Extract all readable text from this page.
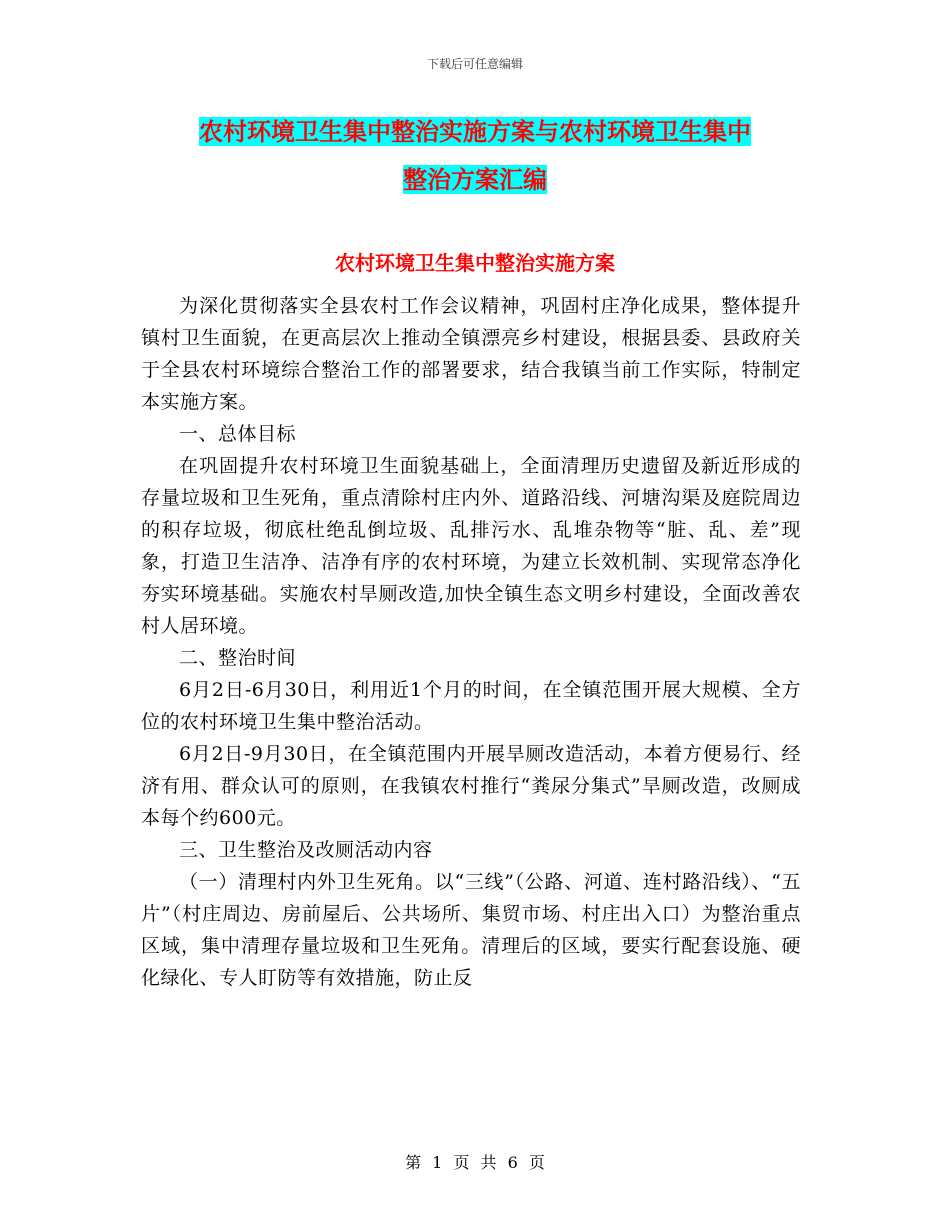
下载后可任意编辑
农村环境卫生集中整治实施方案与农村环境卫生集中
整治方案汇编
农村环境卫生集中整治实施方案

为深化贯彻落实全县农村工作会议精神，巩固村庄净化成果，整体提升镇村卫生面貌，在更高层次上推动全镇漂亮乡村建设，根据县委、县政府关于全县农村环境综合整治工作的部署要求，结合我镇当前工作实际，特制定本实施方案。

一、总体目标

在巩固提升农村环境卫生面貌基础上，全面清理历史遗留及新近形成的存量垃圾和卫生死角，重点清除村庄内外、道路沿线、河塘沟渠及庭院周边的积存垃圾，彻底杜绝乱倒垃圾、乱排污水、乱堆杂物等“脏、乱、差”现象，打造卫生洁净、洁净有序的农村环境，为建立长效机制、实现常态净化夯实环境基础。实施农村旱厕改造,加快全镇生态文明乡村建设，全面改善农村人居环境。

二、整治时间

6月2日-6月30日，利用近1个月的时间，在全镇范围开展大规模、全方位的农村环境卫生集中整治活动。

6月2日-9月30日，在全镇范围内开展旱厕改造活动，本着方便易行、经济有用、群众认可的原则，在我镇农村推行“粪尿分集式”旱厕改造，改厕成本每个约600元。

三、卫生整治及改厕活动内容

（一）清理村内外卫生死角。以“三线”（公路、河道、连村路沿线）、“五片”（村庄周边、房前屋后、公共场所、集贸市场、村庄出入口）为整治重点区域，集中清理存量垃圾和卫生死角。清理后的区域，要实行配套设施、硬化绿化、专人盯防等有效措施，防止反

第 1 页 共 6 页
